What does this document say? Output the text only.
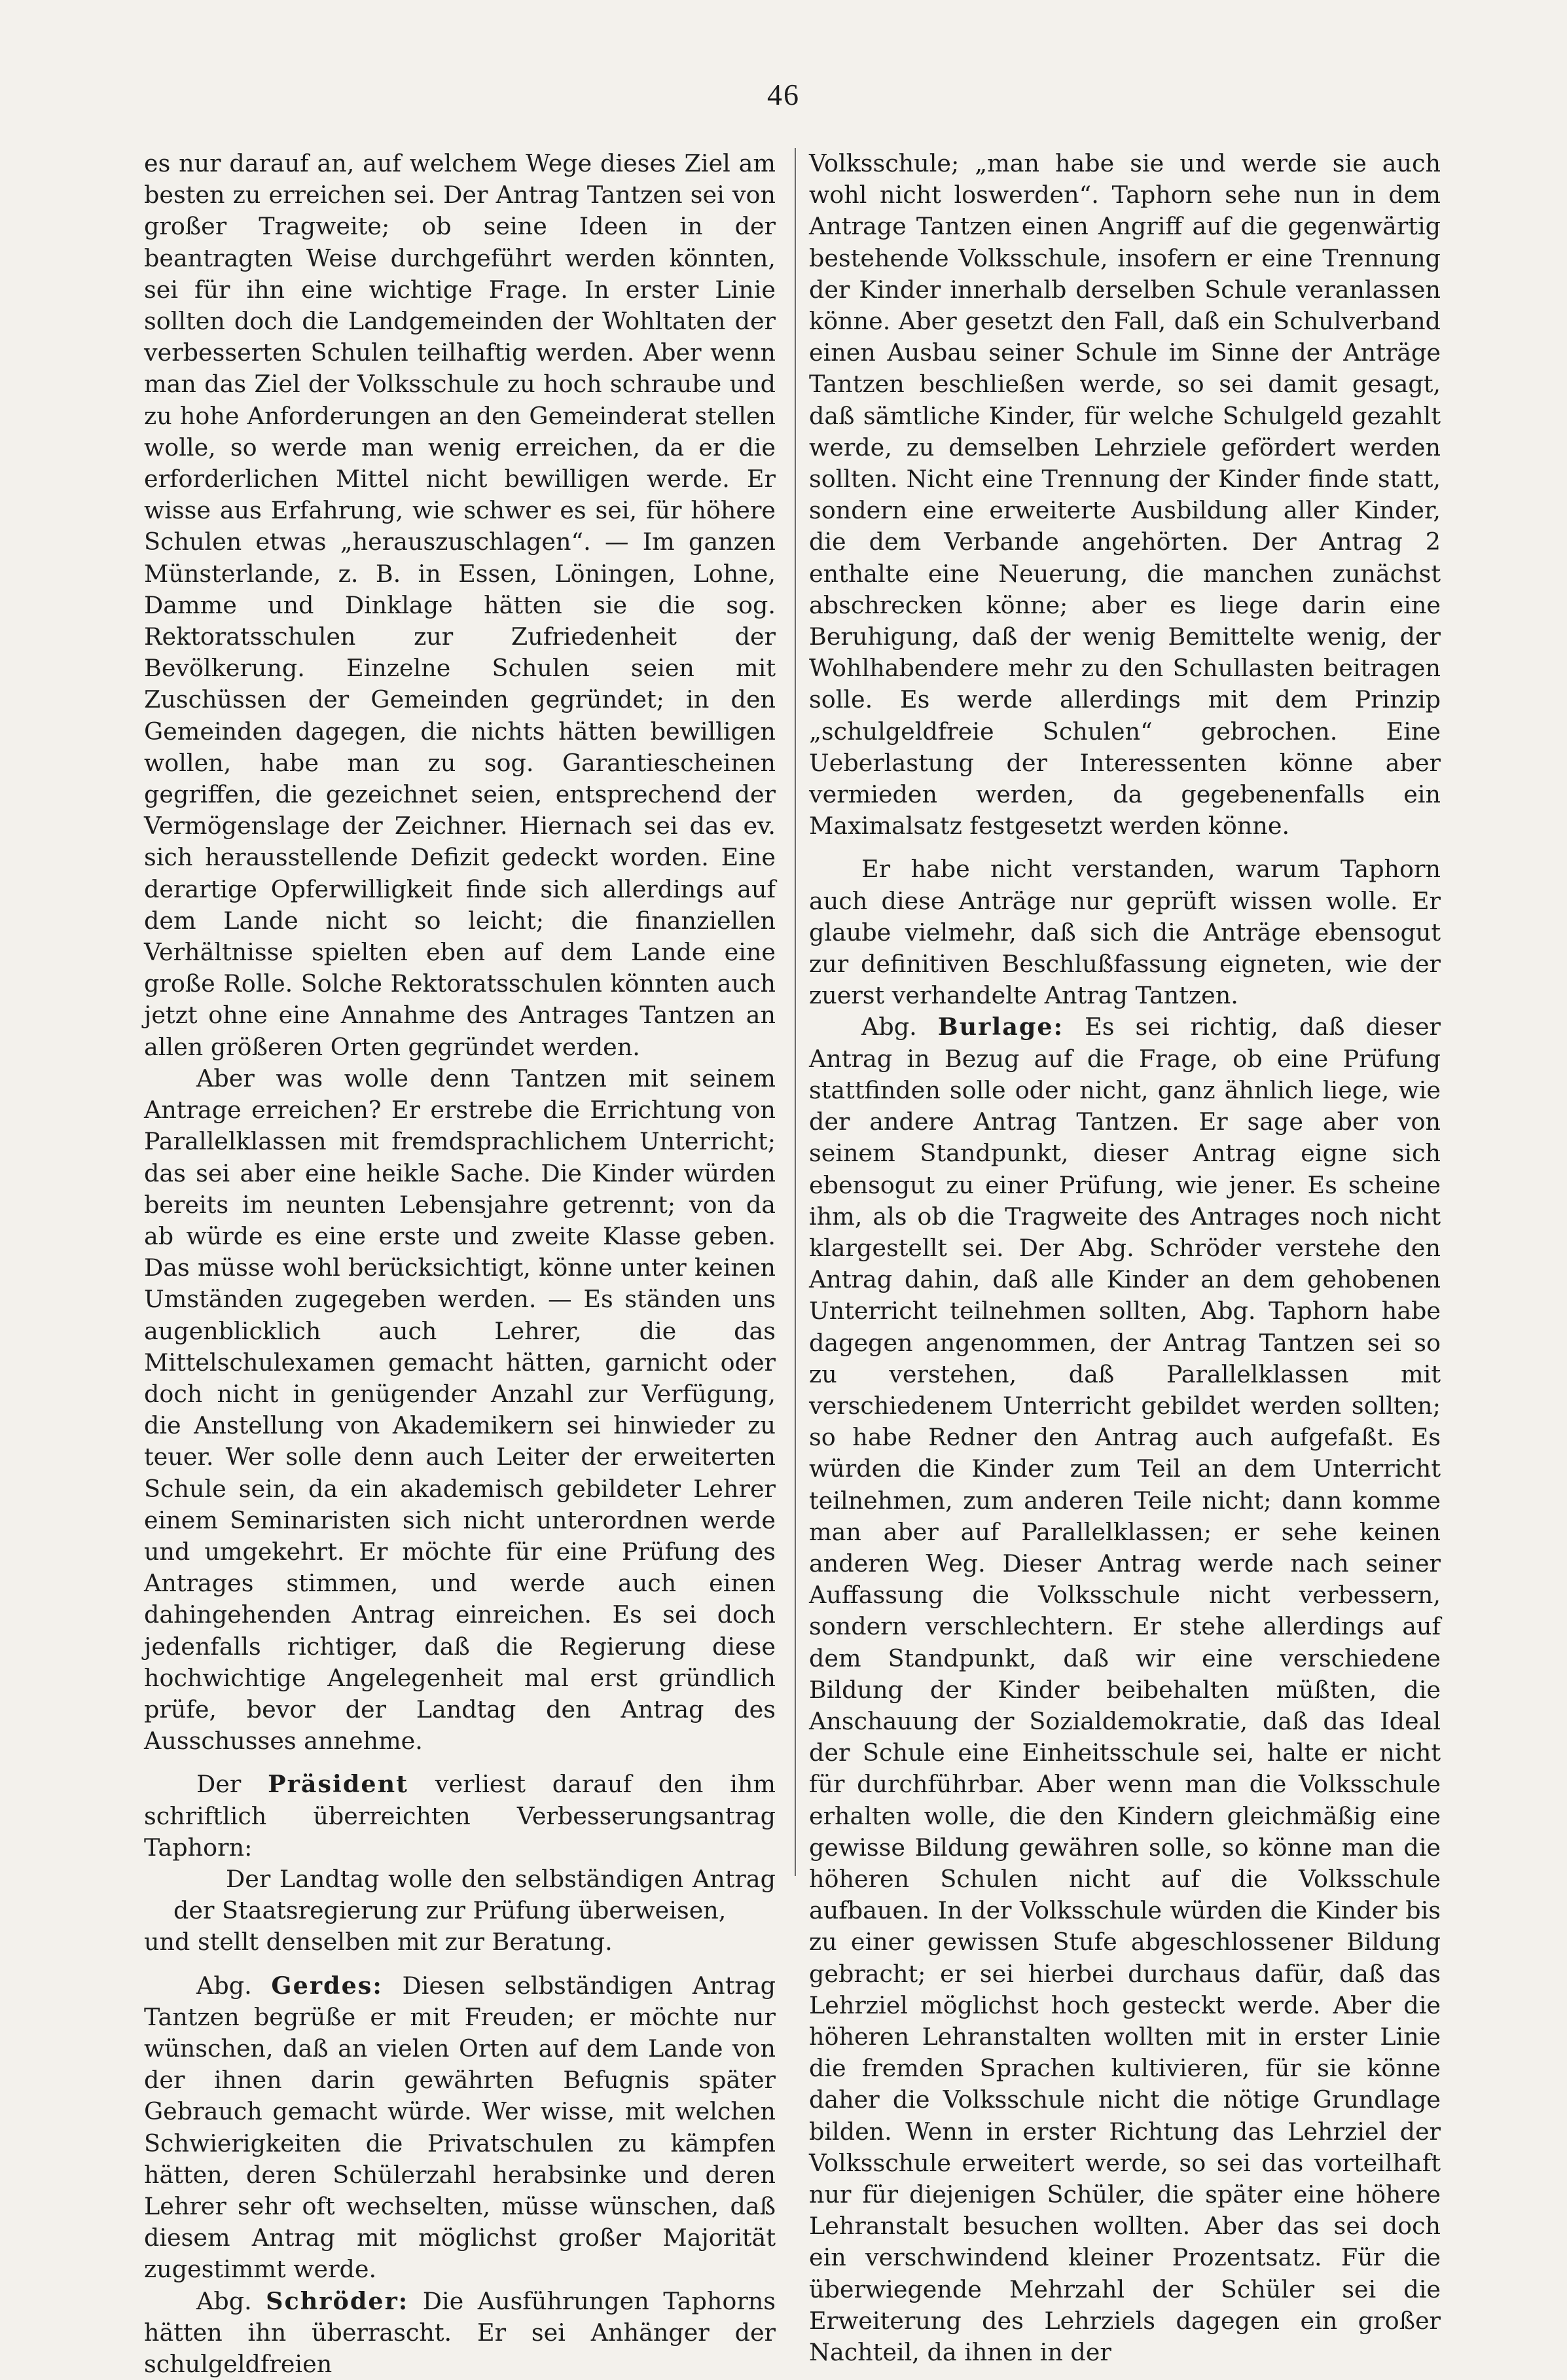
46

es nur darauf an, auf welchem Wege dieses Ziel am besten zu erreichen sei. Der Antrag Tantzen sei von großer Tragweite; ob seine Ideen in der beantragten Weise durchgeführt werden könnten, sei für ihn eine wichtige Frage. In erster Linie sollten doch die Landgemeinden der Wohltaten der verbesserten Schulen teilhaftig werden. Aber wenn man das Ziel der Volksschule zu hoch schraube und zu hohe Anforderungen an den Gemeinderat stellen wolle, so werde man wenig erreichen, da er die erforderlichen Mittel nicht bewilligen werde. Er wisse aus Erfahrung, wie schwer es sei, für höhere Schulen etwas „herauszuschlagen“. — Im ganzen Münsterlande, z. B. in Essen, Löningen, Lohne, Damme und Dinklage hätten sie die sog. Rektoratsschulen zur Zufriedenheit der Bevölkerung. Einzelne Schulen seien mit Zuschüssen der Gemeinden gegründet; in den Gemeinden dagegen, die nichts hätten bewilligen wollen, habe man zu sog. Garantiescheinen gegriffen, die gezeichnet seien, entsprechend der Vermögenslage der Zeichner. Hiernach sei das ev. sich herausstellende Defizit gedeckt worden. Eine derartige Opferwilligkeit finde sich allerdings auf dem Lande nicht so leicht; die finanziellen Verhältnisse spielten eben auf dem Lande eine große Rolle. Solche Rektoratsschulen könnten auch jetzt ohne eine Annahme des Antrages Tantzen an allen größeren Orten gegründet werden.

Aber was wolle denn Tantzen mit seinem Antrage erreichen? Er erstrebe die Errichtung von Parallelklassen mit fremdsprachlichem Unterricht; das sei aber eine heikle Sache. Die Kinder würden bereits im neunten Lebensjahre getrennt; von da ab würde es eine erste und zweite Klasse geben. Das müsse wohl berücksichtigt, könne unter keinen Umständen zugegeben werden. — Es ständen uns augenblicklich auch Lehrer, die das Mittelschulexamen gemacht hätten, garnicht oder doch nicht in genügender Anzahl zur Verfügung, die Anstellung von Akademikern sei hinwieder zu teuer. Wer solle denn auch Leiter der erweiterten Schule sein, da ein akademisch gebildeter Lehrer einem Seminaristen sich nicht unterordnen werde und umgekehrt. Er möchte für eine Prüfung des Antrages stimmen, und werde auch einen dahingehenden Antrag einreichen. Es sei doch jedenfalls richtiger, daß die Regierung diese hochwichtige Angelegenheit mal erst gründlich prüfe, bevor der Landtag den Antrag des Ausschusses annehme.

Der Präsident verliest darauf den ihm schriftlich überreichten Verbesserungsantrag Taphorn:

Der Landtag wolle den selbständigen Antrag der Staatsregierung zur Prüfung überweisen,

und stellt denselben mit zur Beratung.

Abg. Gerdes: Diesen selbständigen Antrag Tantzen begrüße er mit Freuden; er möchte nur wünschen, daß an vielen Orten auf dem Lande von der ihnen darin gewährten Befugnis später Gebrauch gemacht würde. Wer wisse, mit welchen Schwierigkeiten die Privatschulen zu kämpfen hätten, deren Schülerzahl herabsinke und deren Lehrer sehr oft wechselten, müsse wünschen, daß diesem Antrag mit möglichst großer Majorität zugestimmt werde.

Abg. Schröder: Die Ausführungen Taphorns hätten ihn überrascht. Er sei Anhänger der schulgeldfreien

Volksschule; „man habe sie und werde sie auch wohl nicht loswerden“. Taphorn sehe nun in dem Antrage Tantzen einen Angriff auf die gegenwärtig bestehende Volksschule, insofern er eine Trennung der Kinder innerhalb derselben Schule veranlassen könne. Aber gesetzt den Fall, daß ein Schulverband einen Ausbau seiner Schule im Sinne der Anträge Tantzen beschließen werde, so sei damit gesagt, daß sämtliche Kinder, für welche Schulgeld gezahlt werde, zu demselben Lehrziele gefördert werden sollten. Nicht eine Trennung der Kinder finde statt, sondern eine erweiterte Ausbildung aller Kinder, die dem Verbande angehörten. Der Antrag 2 enthalte eine Neuerung, die manchen zunächst abschrecken könne; aber es liege darin eine Beruhigung, daß der wenig Bemittelte wenig, der Wohlhabendere mehr zu den Schullasten beitragen solle. Es werde allerdings mit dem Prinzip „schulgeldfreie Schulen“ gebrochen. Eine Ueberlastung der Interessenten könne aber vermieden werden, da gegebenenfalls ein Maximalsatz festgesetzt werden könne.

Er habe nicht verstanden, warum Taphorn auch diese Anträge nur geprüft wissen wolle. Er glaube vielmehr, daß sich die Anträge ebensogut zur definitiven Beschlußfassung eigneten, wie der zuerst verhandelte Antrag Tantzen.

Abg. Burlage: Es sei richtig, daß dieser Antrag in Bezug auf die Frage, ob eine Prüfung stattfinden solle oder nicht, ganz ähnlich liege, wie der andere Antrag Tantzen. Er sage aber von seinem Standpunkt, dieser Antrag eigne sich ebensogut zu einer Prüfung, wie jener. Es scheine ihm, als ob die Tragweite des Antrages noch nicht klargestellt sei. Der Abg. Schröder verstehe den Antrag dahin, daß alle Kinder an dem gehobenen Unterricht teilnehmen sollten, Abg. Taphorn habe dagegen angenommen, der Antrag Tantzen sei so zu verstehen, daß Parallelklassen mit verschiedenem Unterricht gebildet werden sollten; so habe Redner den Antrag auch aufgefaßt. Es würden die Kinder zum Teil an dem Unterricht teilnehmen, zum anderen Teile nicht; dann komme man aber auf Parallelklassen; er sehe keinen anderen Weg. Dieser Antrag werde nach seiner Auffassung die Volksschule nicht verbessern, sondern verschlechtern. Er stehe allerdings auf dem Standpunkt, daß wir eine verschiedene Bildung der Kinder beibehalten müßten, die Anschauung der Sozialdemokratie, daß das Ideal der Schule eine Einheitsschule sei, halte er nicht für durchführbar. Aber wenn man die Volksschule erhalten wolle, die den Kindern gleichmäßig eine gewisse Bildung gewähren solle, so könne man die höheren Schulen nicht auf die Volksschule aufbauen. In der Volksschule würden die Kinder bis zu einer gewissen Stufe abgeschlossener Bildung gebracht; er sei hierbei durchaus dafür, daß das Lehrziel möglichst hoch gesteckt werde. Aber die höheren Lehranstalten wollten mit in erster Linie die fremden Sprachen kultivieren, für sie könne daher die Volksschule nicht die nötige Grundlage bilden. Wenn in erster Richtung das Lehrziel der Volksschule erweitert werde, so sei das vorteilhaft nur für diejenigen Schüler, die später eine höhere Lehranstalt besuchen wollten. Aber das sei doch ein verschwindend kleiner Prozentsatz. Für die überwiegende Mehrzahl der Schüler sei die Erweiterung des Lehrziels dagegen ein großer Nachteil, da ihnen in der
